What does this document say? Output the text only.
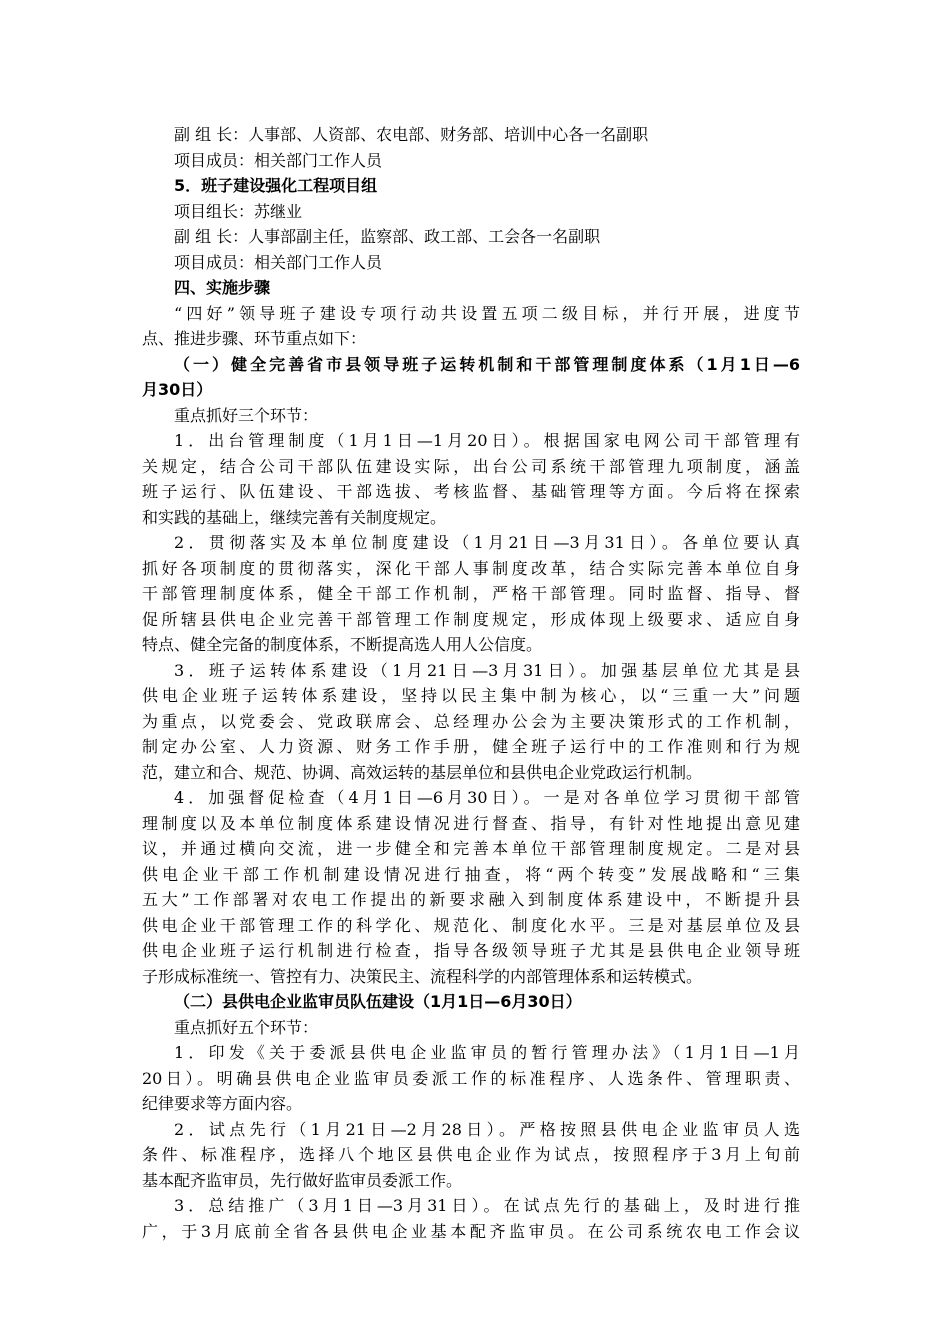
副 组 长：人事部、人资部、农电部、财务部、培训中心各一名副职
项目成员：相关部门工作人员
5．班子建设强化工程项目组
项目组长：苏继业
副 组 长：人事部副主任，监察部、政工部、工会各一名副职
项目成员：相关部门工作人员
四、实施步骤
“四好”领导班子建设专项行动共设置五项二级目标，并行开展，进度节
点、推进步骤、环节重点如下：
（一）健全完善省市县领导班子运转机制和干部管理制度体系（1月1日—6
月30日）
重点抓好三个环节：
1．出台管理制度（1月1日—1月20日）。根据国家电网公司干部管理有
关规定，结合公司干部队伍建设实际，出台公司系统干部管理九项制度，涵盖
班子运行、队伍建设、干部选拔、考核监督、基础管理等方面。今后将在探索
和实践的基础上，继续完善有关制度规定。
2．贯彻落实及本单位制度建设（1月21日—3月31日）。各单位要认真
抓好各项制度的贯彻落实，深化干部人事制度改革，结合实际完善本单位自身
干部管理制度体系，健全干部工作机制，严格干部管理。同时监督、指导、督
促所辖县供电企业完善干部管理工作制度规定，形成体现上级要求、适应自身
特点、健全完备的制度体系，不断提高选人用人公信度。
3．班子运转体系建设（1月21日—3月31日）。加强基层单位尤其是县
供电企业班子运转体系建设，坚持以民主集中制为核心，以“三重一大”问题
为重点，以党委会、党政联席会、总经理办公会为主要决策形式的工作机制，
制定办公室、人力资源、财务工作手册，健全班子运行中的工作准则和行为规
范，建立和合、规范、协调、高效运转的基层单位和县供电企业党政运行机制。
4．加强督促检查（4月1日—6月30日）。一是对各单位学习贯彻干部管
理制度以及本单位制度体系建设情况进行督查、指导，有针对性地提出意见建
议，并通过横向交流，进一步健全和完善本单位干部管理制度规定。二是对县
供电企业干部工作机制建设情况进行抽查，将“两个转变”发展战略和“三集
五大”工作部署对农电工作提出的新要求融入到制度体系建设中，不断提升县
供电企业干部管理工作的科学化、规范化、制度化水平。三是对基层单位及县
供电企业班子运行机制进行检查，指导各级领导班子尤其是县供电企业领导班
子形成标准统一、管控有力、决策民主、流程科学的内部管理体系和运转模式。
（二）县供电企业监审员队伍建设（1月1日—6月30日）
重点抓好五个环节：
1．印发《关于委派县供电企业监审员的暂行管理办法》（1月1日—1月
20日）。明确县供电企业监审员委派工作的标准程序、人选条件、管理职责、
纪律要求等方面内容。
2．试点先行（1月21日—2月28日）。严格按照县供电企业监审员人选
条件、标准程序，选择八个地区县供电企业作为试点，按照程序于3月上旬前
基本配齐监审员，先行做好监审员委派工作。
3．总结推广（3月1日—3月31日）。在试点先行的基础上，及时进行推
广，于3月底前全省各县供电企业基本配齐监审员。在公司系统农电工作会议
